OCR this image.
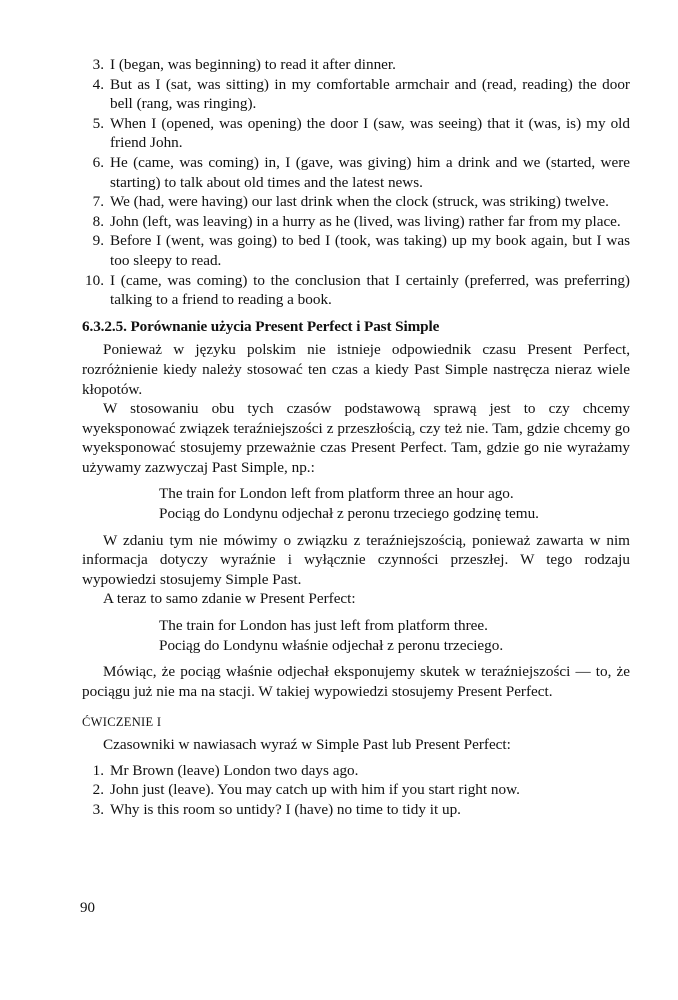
3. I (began, was beginning) to read it after dinner.
4. But as I (sat, was sitting) in my comfortable armchair and (read, reading) the door bell (rang, was ringing).
5. When I (opened, was opening) the door I (saw, was seeing) that it (was, is) my old friend John.
6. He (came, was coming) in, I (gave, was giving) him a drink and we (started, were starting) to talk about old times and the latest news.
7. We (had, were having) our last drink when the clock (struck, was striking) twelve.
8. John (left, was leaving) in a hurry as he (lived, was living) rather far from my place.
9. Before I (went, was going) to bed I (took, was taking) up my book again, but I was too sleepy to read.
10. I (came, was coming) to the conclusion that I certainly (preferred, was preferring) talking to a friend to reading a book.
6.3.2.5. Porównanie użycia Present Perfect i Past Simple

Ponieważ w języku polskim nie istnieje odpowiednik czasu Present Perfect, rozróżnienie kiedy należy stosować ten czas a kiedy Past Simple nastręcza nieraz wiele kłopotów.

W stosowaniu obu tych czasów podstawową sprawą jest to czy chcemy wyeksponować związek teraźniejszości z przeszłością, czy też nie. Tam, gdzie chcemy go wyeksponować stosujemy przeważnie czas Present Perfect. Tam, gdzie go nie wyrażamy używamy zazwyczaj Past Simple, np.:

The train for London left from platform three an hour ago.
Pociąg do Londynu odjechał z peronu trzeciego godzinę temu.

W zdaniu tym nie mówimy o związku z teraźniejszością, ponieważ zawarta w nim informacja dotyczy wyraźnie i wyłącznie czynności przeszłej. W tego rodzaju wypowiedzi stosujemy Simple Past.

A teraz to samo zdanie w Present Perfect:

The train for London has just left from platform three.
Pociąg do Londynu właśnie odjechał z peronu trzeciego.

Mówiąc, że pociąg właśnie odjechał eksponujemy skutek w teraźniejszości — to, że pociągu już nie ma na stacji. W takiej wypowiedzi stosujemy Present Perfect.

ĆWICZENIE I
Czasowniki w nawiasach wyraź w Simple Past lub Present Perfect:
1. Mr Brown (leave) London two days ago.
2. John just (leave). You may catch up with him if you start right now.
3. Why is this room so untidy? I (have) no time to tidy it up.
90
